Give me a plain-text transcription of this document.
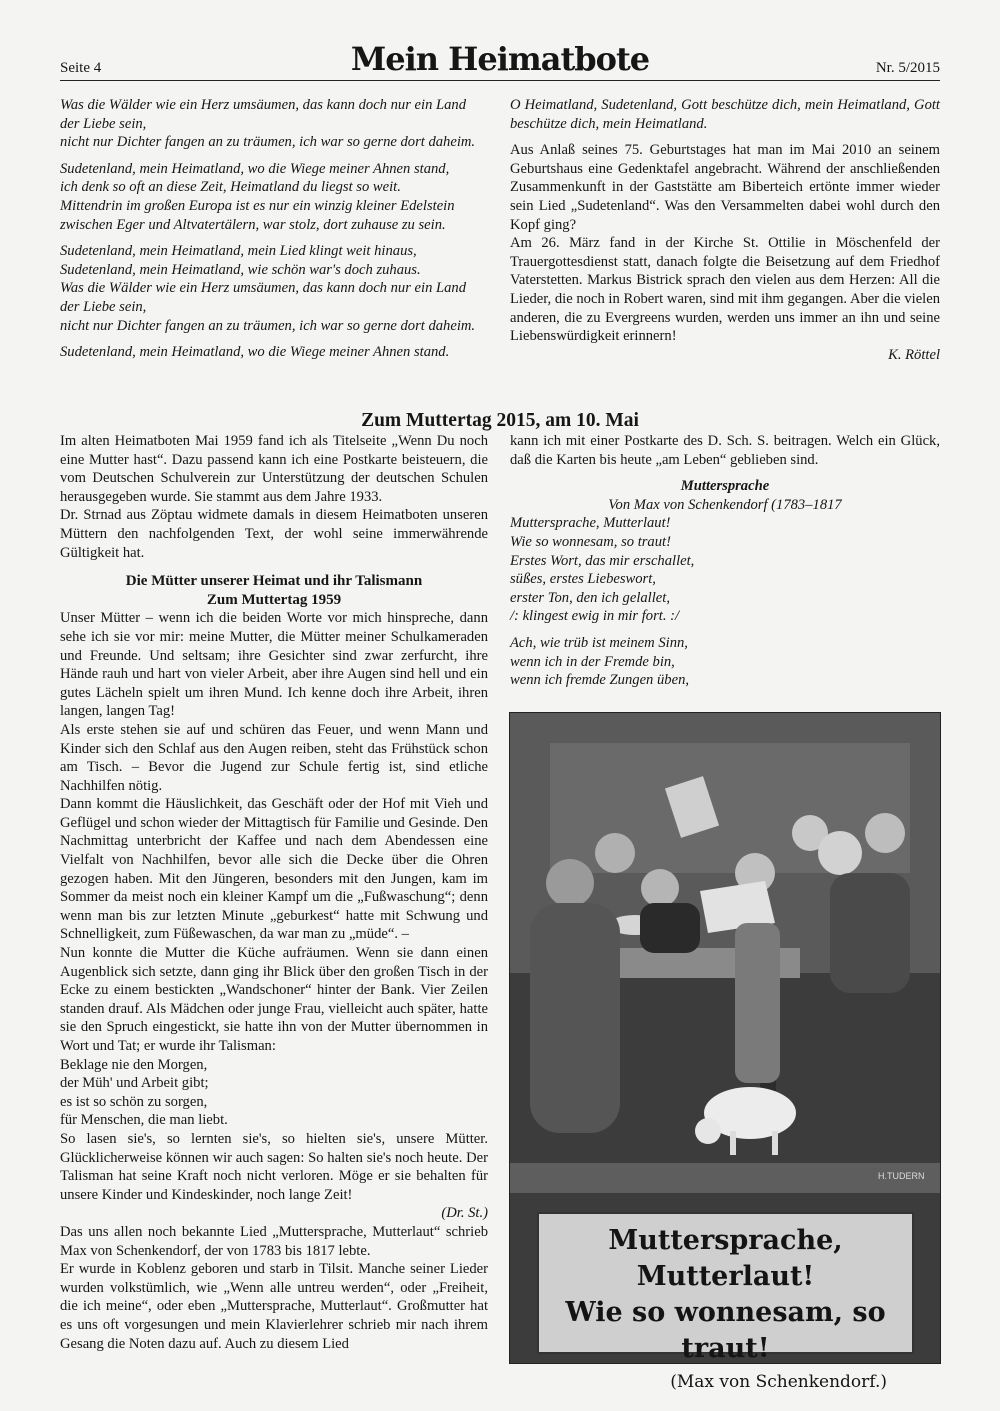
Seite 4	Mein Heimatbote	Nr. 5/2015

Was die Wälder wie ein Herz umsäumen, das kann doch nur ein Land der Liebe sein,
nicht nur Dichter fangen an zu träumen, ich war so gerne dort daheim.

Sudetenland, mein Heimatland, wo die Wiege meiner Ahnen stand,
ich denk so oft an diese Zeit, Heimatland du liegst so weit.
Mittendrin im großen Europa ist es nur ein winzig kleiner Edelstein
zwischen Eger und Altvatertälern, war stolz, dort zuhause zu sein.

Sudetenland, mein Heimatland, mein Lied klingt weit hinaus,
Sudetenland, mein Heimatland, wie schön war's doch zuhaus.
Was die Wälder wie ein Herz umsäumen, das kann doch nur ein Land der Liebe sein,
nicht nur Dichter fangen an zu träumen, ich war so gerne dort daheim.

Sudetenland, mein Heimatland, wo die Wiege meiner Ahnen stand.

O Heimatland, Sudetenland, Gott beschütze dich, mein Heimatland, Gott beschütze dich, mein Heimatland.

Aus Anlaß seines 75. Geburtstages hat man im Mai 2010 an seinem Geburtshaus eine Gedenktafel angebracht. Während der anschließenden Zusammenkunft in der Gaststätte am Biberteich ertönte immer wieder sein Lied „Sudetenland“. Was den Versammelten dabei wohl durch den Kopf ging?

Am 26. März fand in der Kirche St. Ottilie in Möschenfeld der Trauergottesdienst statt, danach folgte die Beisetzung auf dem Friedhof Vaterstetten. Markus Bistrick sprach den vielen aus dem Herzen: All die Lieder, die noch in Robert waren, sind mit ihm gegangen. Aber die vielen anderen, die zu Evergreens wurden, werden uns immer an ihn und seine Liebenswürdigkeit erinnern!

K. Röttel

Zum Muttertag 2015, am 10. Mai

Im alten Heimatboten Mai 1959 fand ich als Titelseite „Wenn Du noch eine Mutter hast“. Dazu passend kann ich eine Postkarte beisteuern, die vom Deutschen Schulverein zur Unterstützung der deutschen Schulen herausgegeben wurde. Sie stammt aus dem Jahre 1933.

Dr. Strnad aus Zöptau widmete damals in diesem Heimatboten unseren Müttern den nachfolgenden Text, der wohl seine immerwährende Gültigkeit hat.

Die Mütter unserer Heimat und ihr Talismann
Zum Muttertag 1959

Unser Mütter – wenn ich die beiden Worte vor mich hinspreche, dann sehe ich sie vor mir: meine Mutter, die Mütter meiner Schulkameraden und Freunde. Und seltsam; ihre Gesichter sind zwar zerfurcht, ihre Hände rauh und hart von vieler Arbeit, aber ihre Augen sind hell und ein gutes Lächeln spielt um ihren Mund. Ich kenne doch ihre Arbeit, ihren langen, langen Tag!

Als erste stehen sie auf und schüren das Feuer, und wenn Mann und Kinder sich den Schlaf aus den Augen reiben, steht das Frühstück schon am Tisch. – Bevor die Jugend zur Schule fertig ist, sind etliche Nachhilfen nötig.

Dann kommt die Häuslichkeit, das Geschäft oder der Hof mit Vieh und Geflügel und schon wieder der Mittagtisch für Familie und Gesinde. Den Nachmittag unterbricht der Kaffee und nach dem Abendessen eine Vielfalt von Nachhilfen, bevor alle sich die Decke über die Ohren gezogen haben. Mit den Jüngeren, besonders mit den Jungen, kam im Sommer da meist noch ein kleiner Kampf um die „Fußwaschung“; denn wenn man bis zur letzten Minute „geburkest“ hatte mit Schwung und Schnelligkeit, zum Füßewaschen, da war man zu „müde“. –

Nun konnte die Mutter die Küche aufräumen. Wenn sie dann einen Augenblick sich setzte, dann ging ihr Blick über den großen Tisch in der Ecke zu einem bestickten „Wandschoner“ hinter der Bank. Vier Zeilen standen drauf. Als Mädchen oder junge Frau, vielleicht auch später, hatte sie den Spruch eingestickt, sie hatte ihn von der Mutter übernommen in Wort und Tat; er wurde ihr Talisman:

Beklage nie den Morgen,
der Müh' und Arbeit gibt;
es ist so schön zu sorgen,
für Menschen, die man liebt.

So lasen sie's, so lernten sie's, so hielten sie's, unsere Mütter. Glücklicherweise können wir auch sagen: So halten sie's noch heute. Der Talisman hat seine Kraft noch nicht verloren. Möge er sie behalten für unsere Kinder und Kindeskinder, noch lange Zeit!

(Dr. St.)

Das uns allen noch bekannte Lied „Muttersprache, Mutterlaut“ schrieb Max von Schenkendorf, der von 1783 bis 1817 lebte.

Er wurde in Koblenz geboren und starb in Tilsit. Manche seiner Lieder wurden volkstümlich, wie „Wenn alle untreu werden“, oder „Freiheit, die ich meine“, oder eben „Muttersprache, Mutterlaut“. Großmutter hat es uns oft vorgesungen und mein Klavierlehrer schrieb mir nach ihrem Gesang die Noten dazu auf. Auch zu diesem Lied

kann ich mit einer Postkarte des D. Sch. S. beitragen. Welch ein Glück, daß die Karten bis heute „am Leben“ geblieben sind.

Muttersprache

Von Max von Schenkendorf (1783–1817

Muttersprache, Mutterlaut!
Wie so wonnesam, so traut!
Erstes Wort, das mir erschallet,
süßes, erstes Liebeswort,
erster Ton, den ich gelallet,
/: klingest ewig in mir fort. :/

Ach, wie trüb ist meinem Sinn,
wenn ich in der Fremde bin,
wenn ich fremde Zungen üben,

H.TUDERN
Muttersprache, Mutterlaut!
Wie so wonnesam, so traut!
(Max von Schenkendorf.)
